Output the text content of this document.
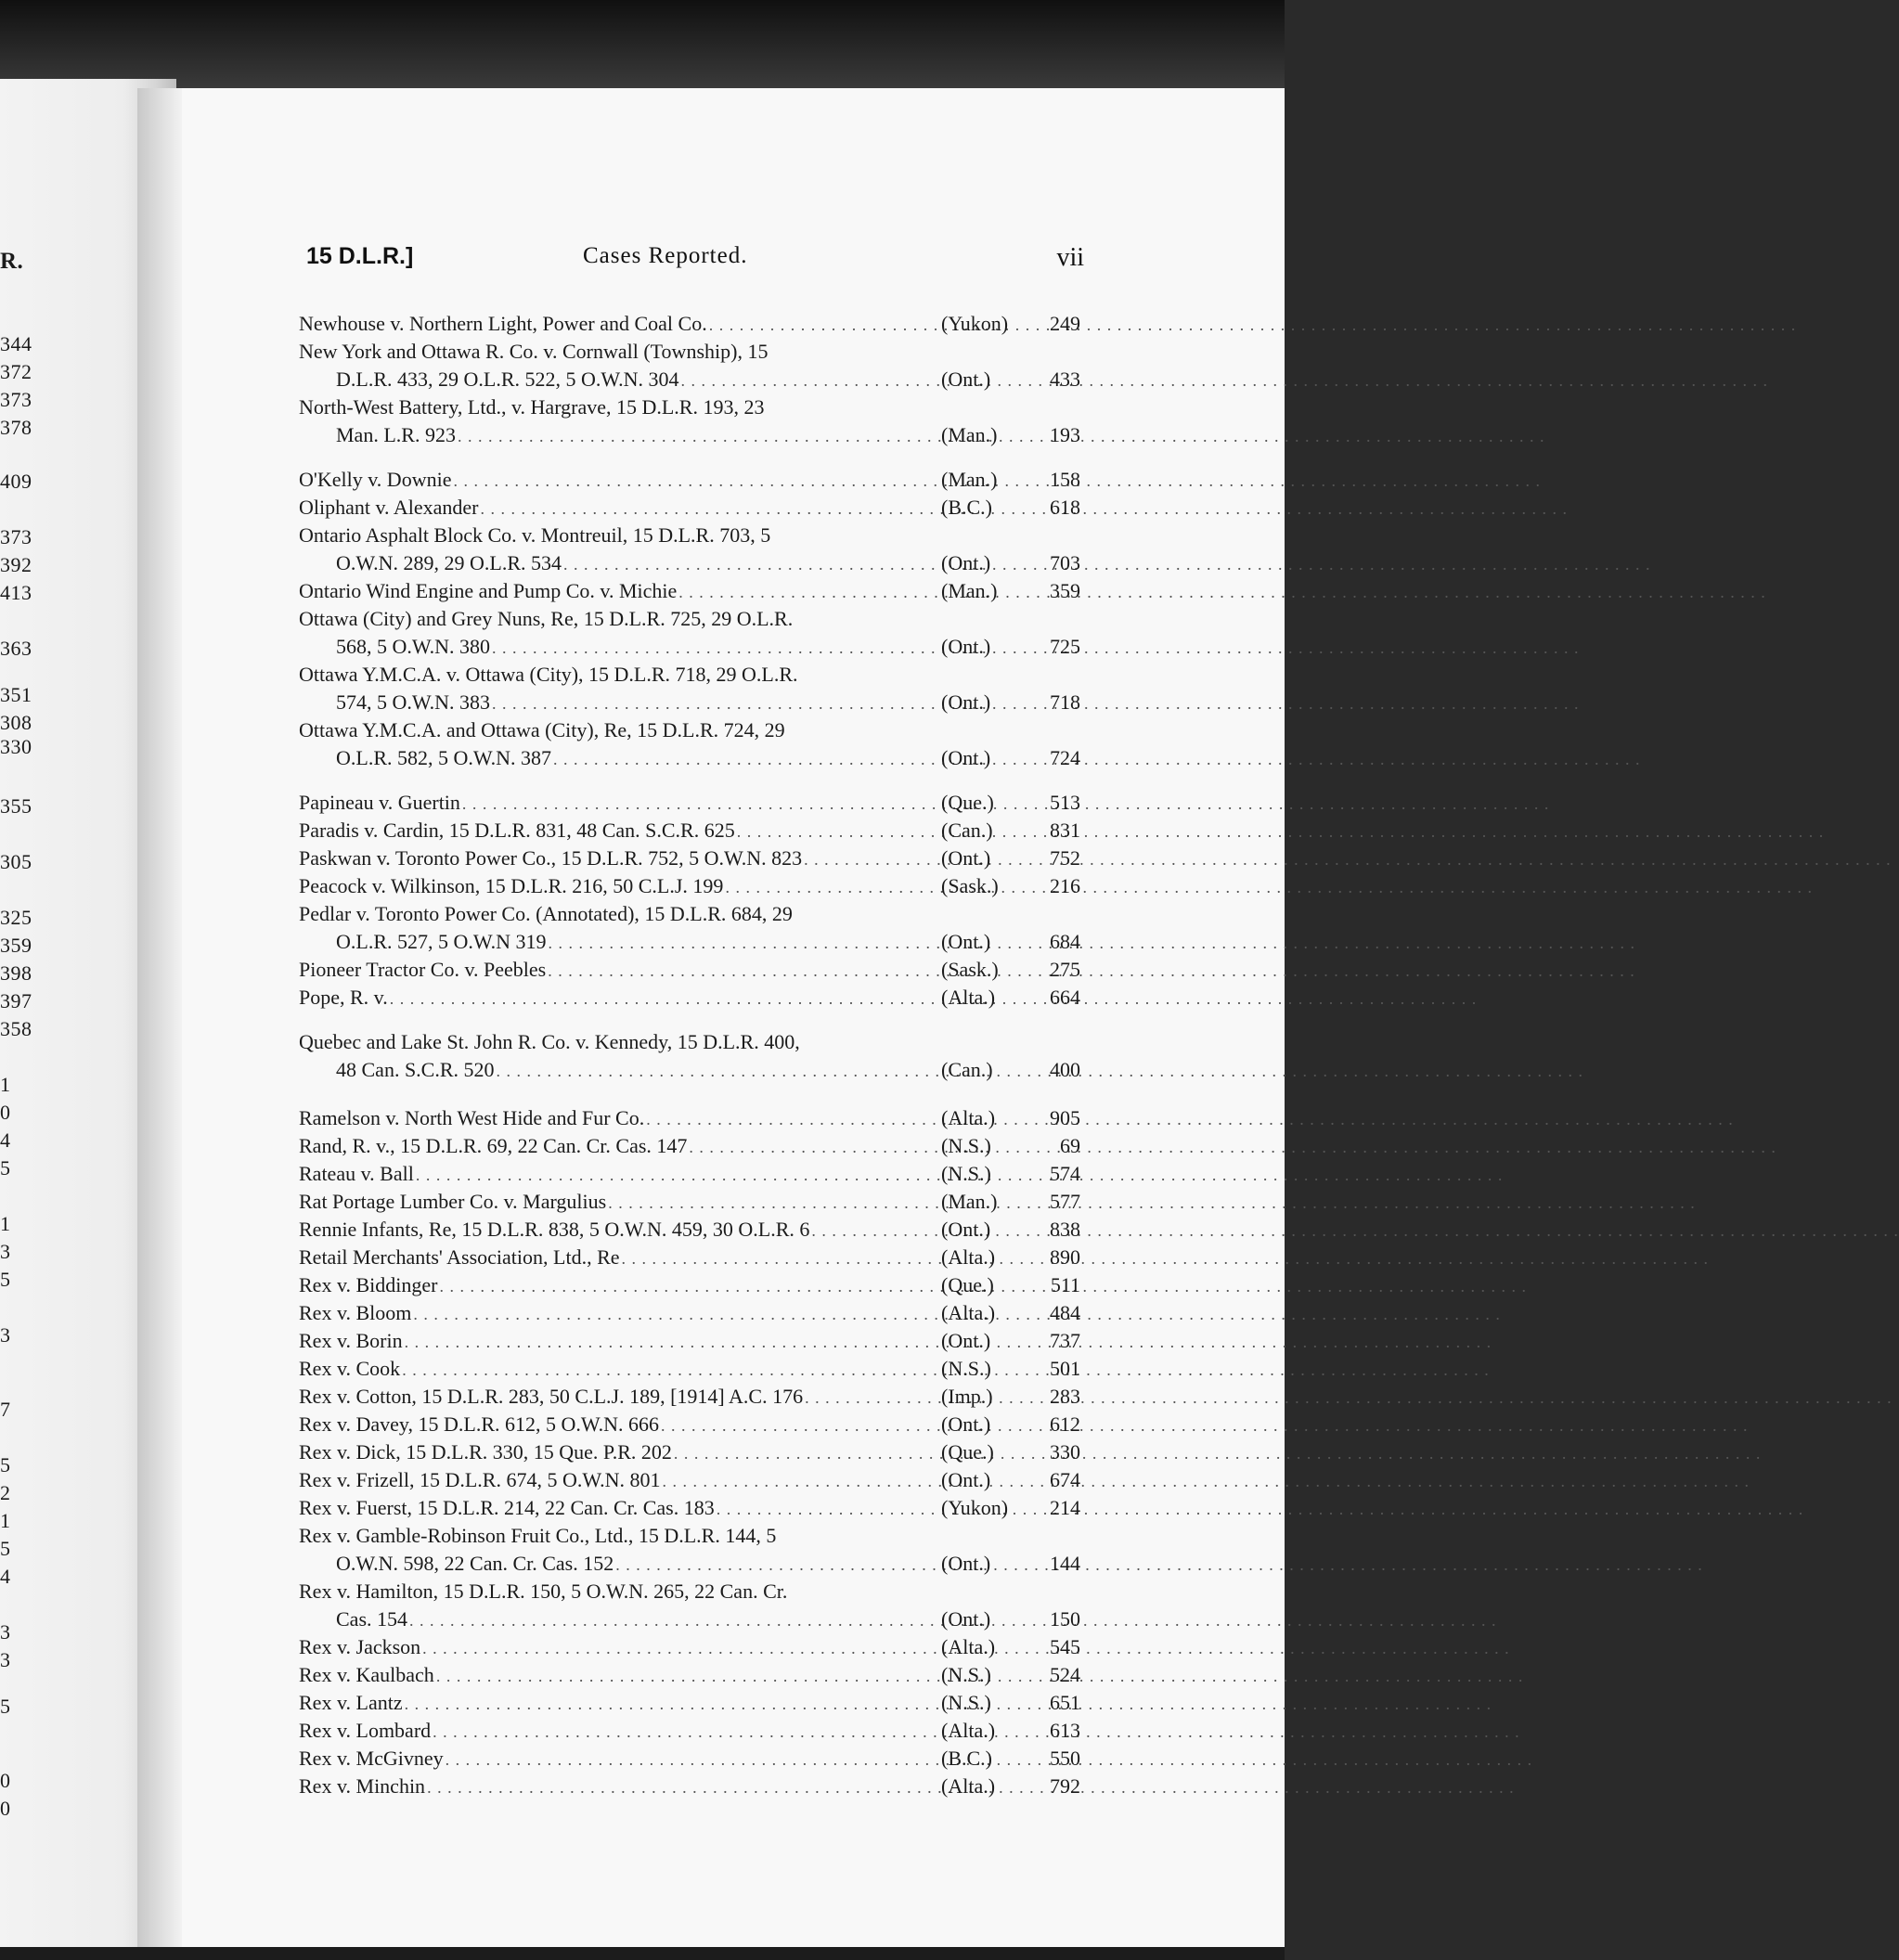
R.
344
372
373
378
409
373
392
413
363
351
308
330
355
305
325
359
398
397
358
1
0
4
5
1
3
5
3
7
5
2
1
5
4
3
3
5
0
0
15 D.L.R.]	Cases Reported.	vii
Newhouse v. Northern Light, Power and Coal Co. . . .	(Yukon)	249
New York and Ottawa R. Co. v. Cornwall (Township), 15
D.L.R. 433, 29 O.L.R. 522, 5 O.W.N. 304 . . .	(Ont.)	433
North-West Battery, Ltd., v. Hargrave, 15 D.L.R. 193, 23
Man. L.R. 923 . . .	(Man.)	193
O'Kelly v. Downie . . .	(Man.)	158
Oliphant v. Alexander . . .	(B.C.)	618
Ontario Asphalt Block Co. v. Montreuil, 15 D.L.R. 703, 5
O.W.N. 289, 29 O.L.R. 534 . . .	(Ont.)	703
Ontario Wind Engine and Pump Co. v. Michie . . .	(Man.)	359
Ottawa (City) and Grey Nuns, Re, 15 D.L.R. 725, 29 O.L.R.
568, 5 O.W.N. 380 . . .	(Ont.)	725
Ottawa Y.M.C.A. v. Ottawa (City), 15 D.L.R. 718, 29 O.L.R.
574, 5 O.W.N. 383 . . .	(Ont.)	718
Ottawa Y.M.C.A. and Ottawa (City), Re, 15 D.L.R. 724, 29
O.L.R. 582, 5 O.W.N. 387 . . .	(Ont.)	724
Papineau v. Guertin . . .	(Que.)	513
Paradis v. Cardin, 15 D.L.R. 831, 48 Can. S.C.R. 625 . . .	(Can.)	831
Paskwan v. Toronto Power Co., 15 D.L.R. 752, 5 O.W.N. 823 . . .	(Ont.)	752
Peacock v. Wilkinson, 15 D.L.R. 216, 50 C.L.J. 199 . . .	(Sask.)	216
Pedlar v. Toronto Power Co. (Annotated), 15 D.L.R. 684, 29
O.L.R. 527, 5 O.W.N 319 . . .	(Ont.)	684
Pioneer Tractor Co. v. Peebles . . .	(Sask.)	275
Pope, R. v. . . .	(Alta.)	664
Quebec and Lake St. John R. Co. v. Kennedy, 15 D.L.R. 400,
48 Can. S.C.R. 520 . . .	(Can.)	400
Ramelson v. North West Hide and Fur Co. . . .	(Alta.)	905
Rand, R. v., 15 D.L.R. 69, 22 Can. Cr. Cas. 147 . . .	(N.S.)	69
Rateau v. Ball . . .	(N.S.)	574
Rat Portage Lumber Co. v. Margulius . . .	(Man.)	577
Rennie Infants, Re, 15 D.L.R. 838, 5 O.W.N. 459, 30 O.L.R. 6 . . .	(Ont.)	838
Retail Merchants' Association, Ltd., Re . . .	(Alta.)	890
Rex v. Biddinger . . .	(Que.)	511
Rex v. Bloom . . .	(Alta.)	484
Rex v. Borin . . .	(Ont.)	737
Rex v. Cook . . .	(N.S.)	501
Rex v. Cotton, 15 D.L.R. 283, 50 C.L.J. 189, [1914] A.C. 176 . . .	(Imp.)	283
Rex v. Davey, 15 D.L.R. 612, 5 O.W.N. 666 . . .	(Ont.)	612
Rex v. Dick, 15 D.L.R. 330, 15 Que. P.R. 202 . . .	(Que.)	330
Rex v. Frizell, 15 D.L.R. 674, 5 O.W.N. 801 . . .	(Ont.)	674
Rex v. Fuerst, 15 D.L.R. 214, 22 Can. Cr. Cas. 183 . . .	(Yukon)	214
Rex v. Gamble-Robinson Fruit Co., Ltd., 15 D.L.R. 144, 5
O.W.N. 598, 22 Can. Cr. Cas. 152 . . .	(Ont.)	144
Rex v. Hamilton, 15 D.L.R. 150, 5 O.W.N. 265, 22 Can. Cr.
Cas. 154 . . .	(Ont.)	150
Rex v. Jackson . . .	(Alta.)	545
Rex v. Kaulbach . . .	(N.S.)	524
Rex v. Lantz . . .	(N.S.)	651
Rex v. Lombard . . .	(Alta.)	613
Rex v. McGivney . . .	(B.C.)	550
Rex v. Minchin . . .	(Alta.)	792
